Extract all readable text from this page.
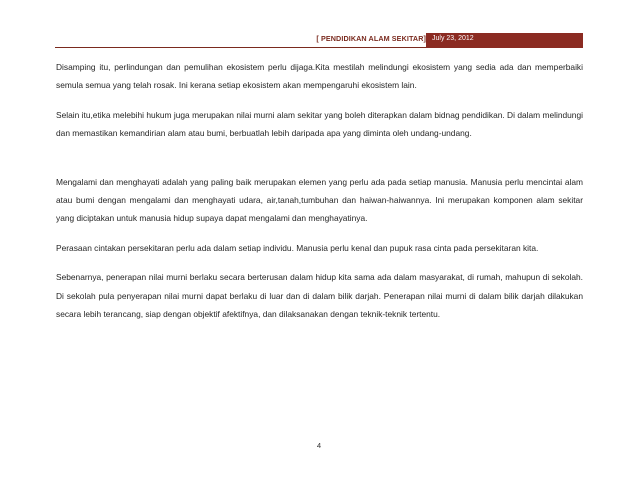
[ PENDIDIKAN ALAM SEKITAR] July 23, 2012

Disamping itu, perlindungan dan pemulihan ekosistem perlu dijaga.Kita mestilah melindungi ekosistem yang sedia ada dan memperbaiki semula semua yang telah rosak. Ini kerana setiap ekosistem akan mempengaruhi ekosistem lain.

Selain itu,etika melebihi hukum juga merupakan nilai murni alam sekitar yang boleh diterapkan dalam bidnag pendidikan. Di dalam melindungi dan memastikan kemandirian alam atau bumi, berbuatlah lebih daripada apa yang diminta oleh undang-undang.

Mengalami dan menghayati adalah yang paling baik merupakan elemen yang perlu ada pada setiap manusia. Manusia perlu mencintai alam atau bumi dengan mengalami dan menghayati udara, air,tanah,tumbuhan dan haiwan-haiwannya. Ini merupakan komponen alam sekitar yang diciptakan untuk manusia hidup supaya dapat mengalami dan menghayatinya.

Perasaan cintakan persekitaran perlu ada dalam setiap individu. Manusia perlu kenal dan pupuk rasa cinta pada persekitaran kita.

Sebenarnya, penerapan nilai murni berlaku secara berterusan dalam hidup kita sama ada dalam masyarakat, di rumah, mahupun di sekolah. Di sekolah pula penyerapan nilai murni dapat berlaku di luar dan di dalam bilik darjah. Penerapan nilai murni di dalam bilik darjah dilakukan secara lebih terancang, siap dengan objektif afektifnya, dan dilaksanakan dengan teknik-teknik tertentu.

4
